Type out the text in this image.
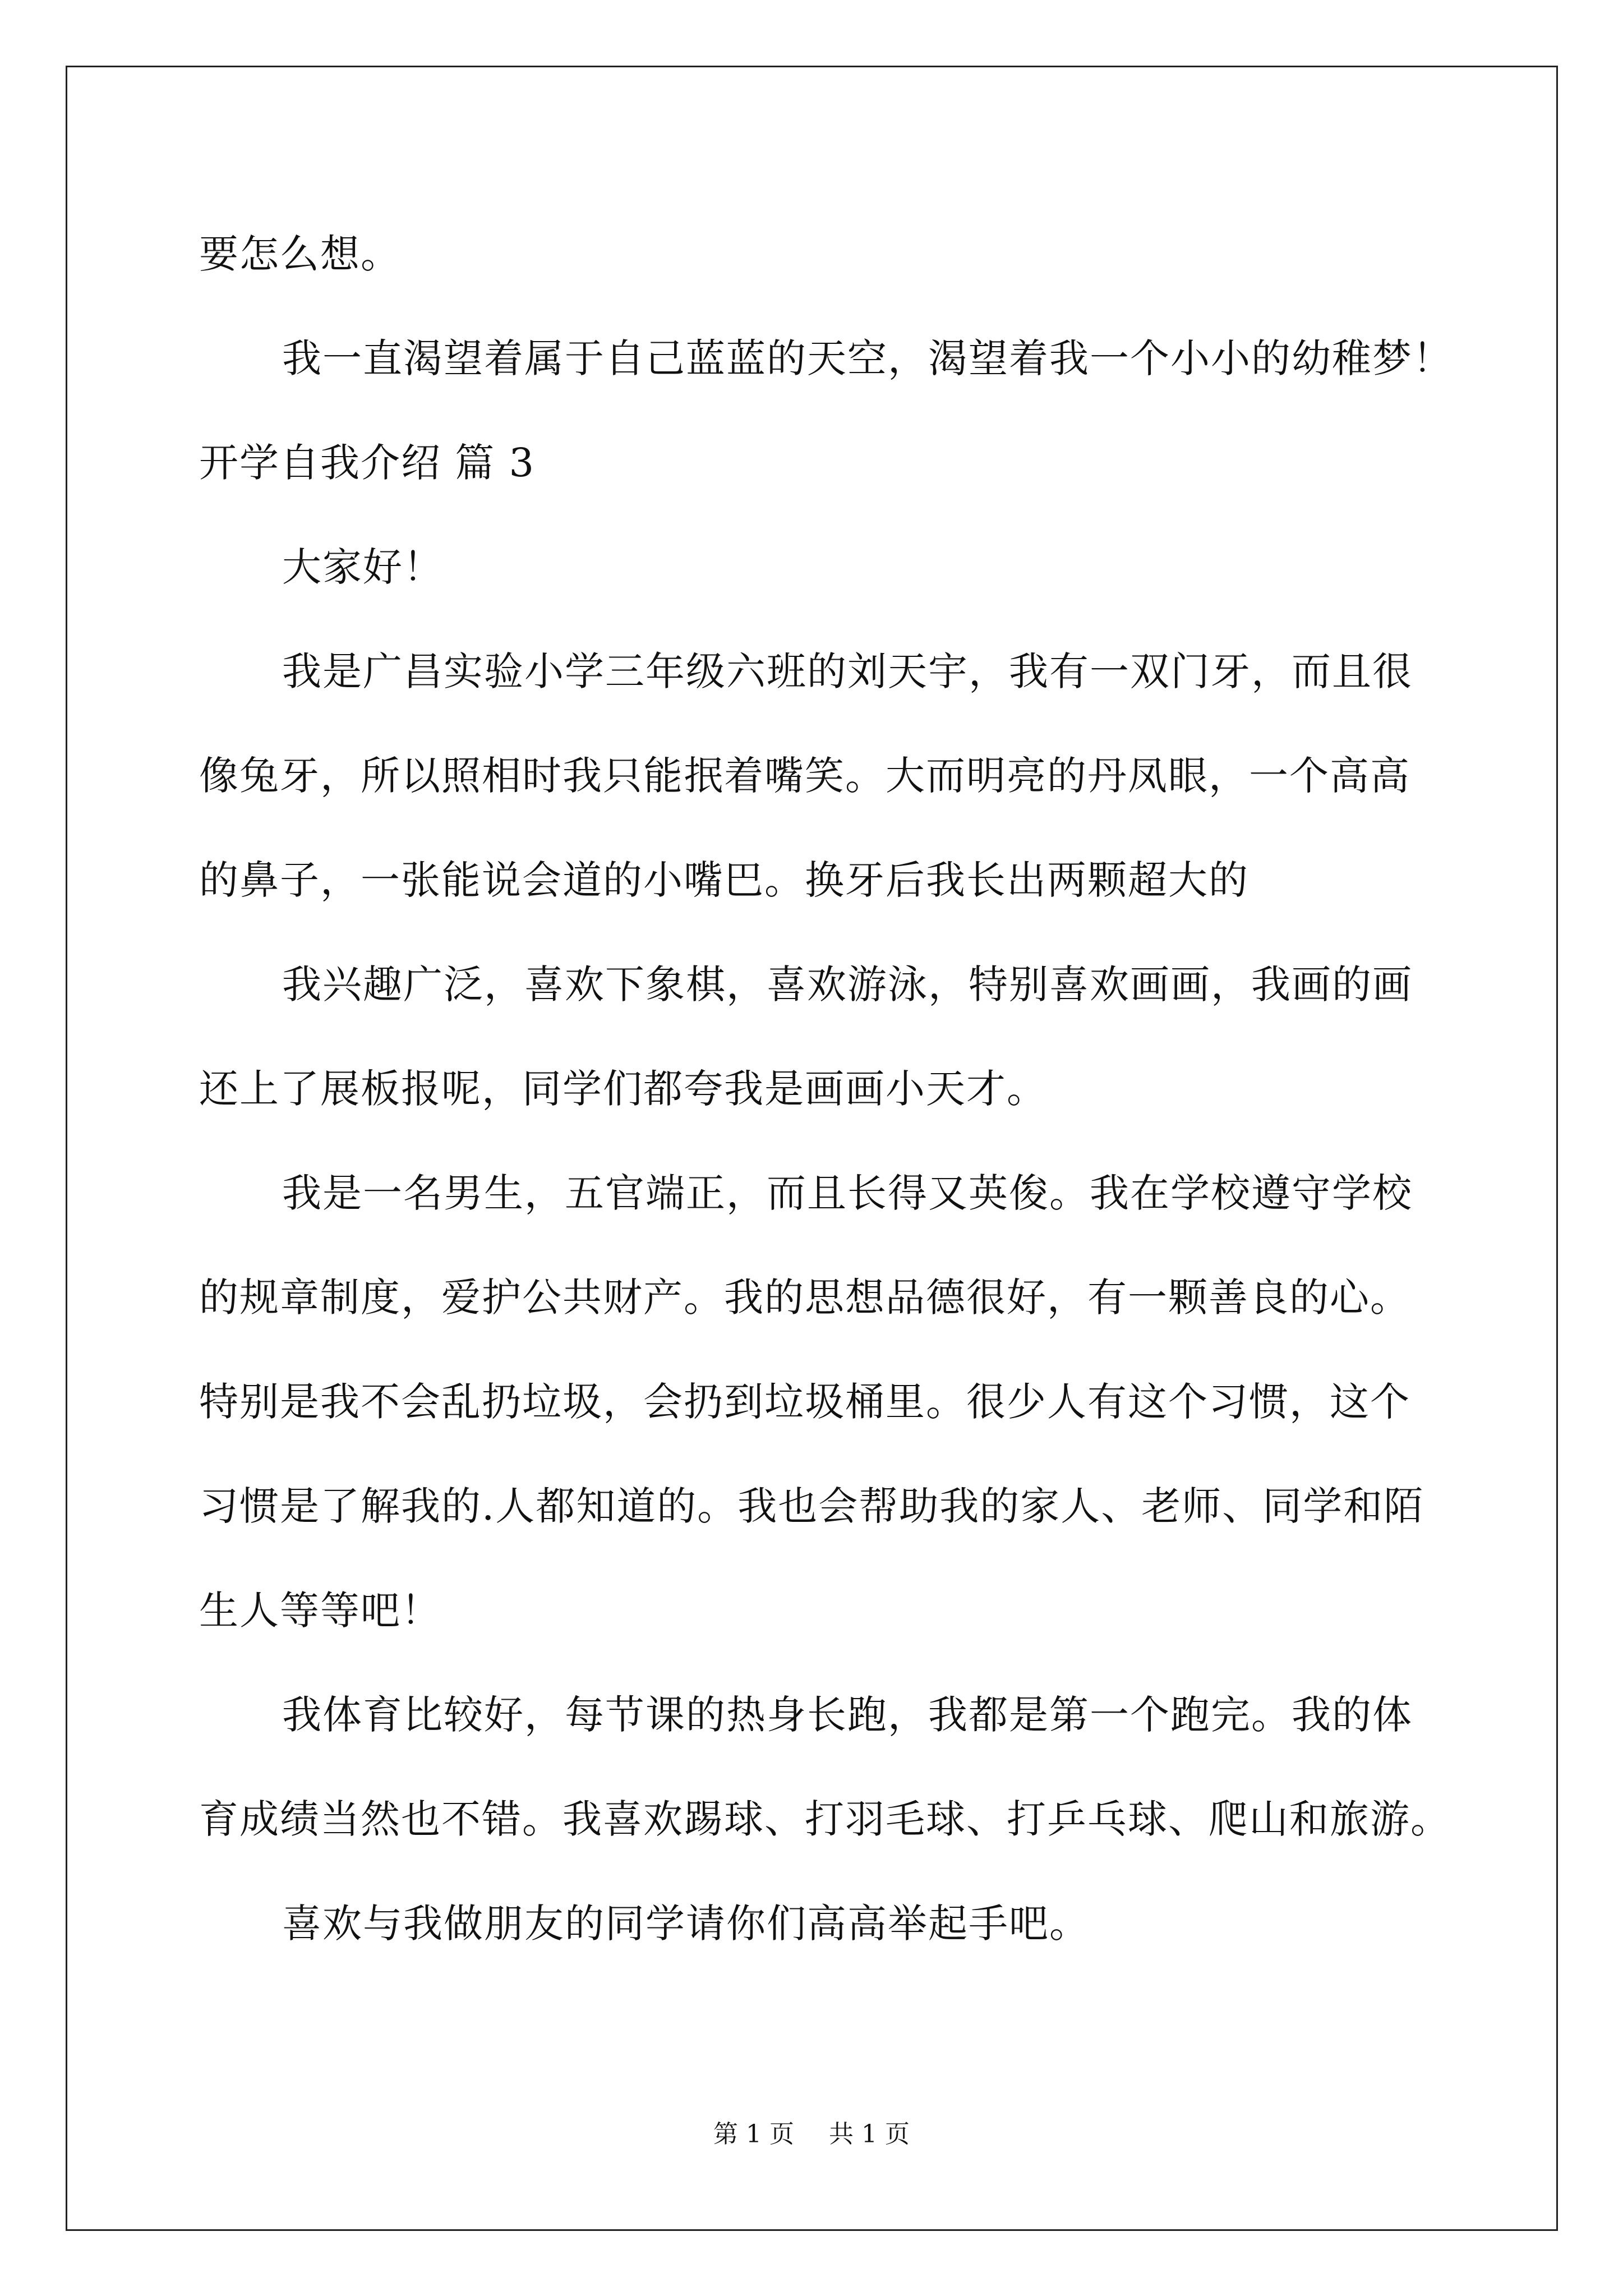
要怎么想。
我一直渴望着属于自己蓝蓝的天空，渴望着我一个小小的幼稚梦！
开学自我介绍 篇 3
大家好！
我是广昌实验小学三年级六班的刘天宇，我有一双门牙，而且很
像兔牙，所以照相时我只能抿着嘴笑。大而明亮的丹凤眼，一个高高
的鼻子，一张能说会道的小嘴巴。换牙后我长出两颗超大的
我兴趣广泛，喜欢下象棋，喜欢游泳，特别喜欢画画，我画的画
还上了展板报呢，同学们都夸我是画画小天才。
我是一名男生，五官端正，而且长得又英俊。我在学校遵守学校
的规章制度，爱护公共财产。我的思想品德很好，有一颗善良的心。
特别是我不会乱扔垃圾，会扔到垃圾桶里。很少人有这个习惯，这个
习惯是了解我的.人都知道的。我也会帮助我的家人、老师、同学和陌
生人等等吧！
我体育比较好，每节课的热身长跑，我都是第一个跑完。我的体
育成绩当然也不错。我喜欢踢球、打羽毛球、打乒乓球、爬山和旅游。
喜欢与我做朋友的同学请你们高高举起手吧。
第 1 页 共 1 页
